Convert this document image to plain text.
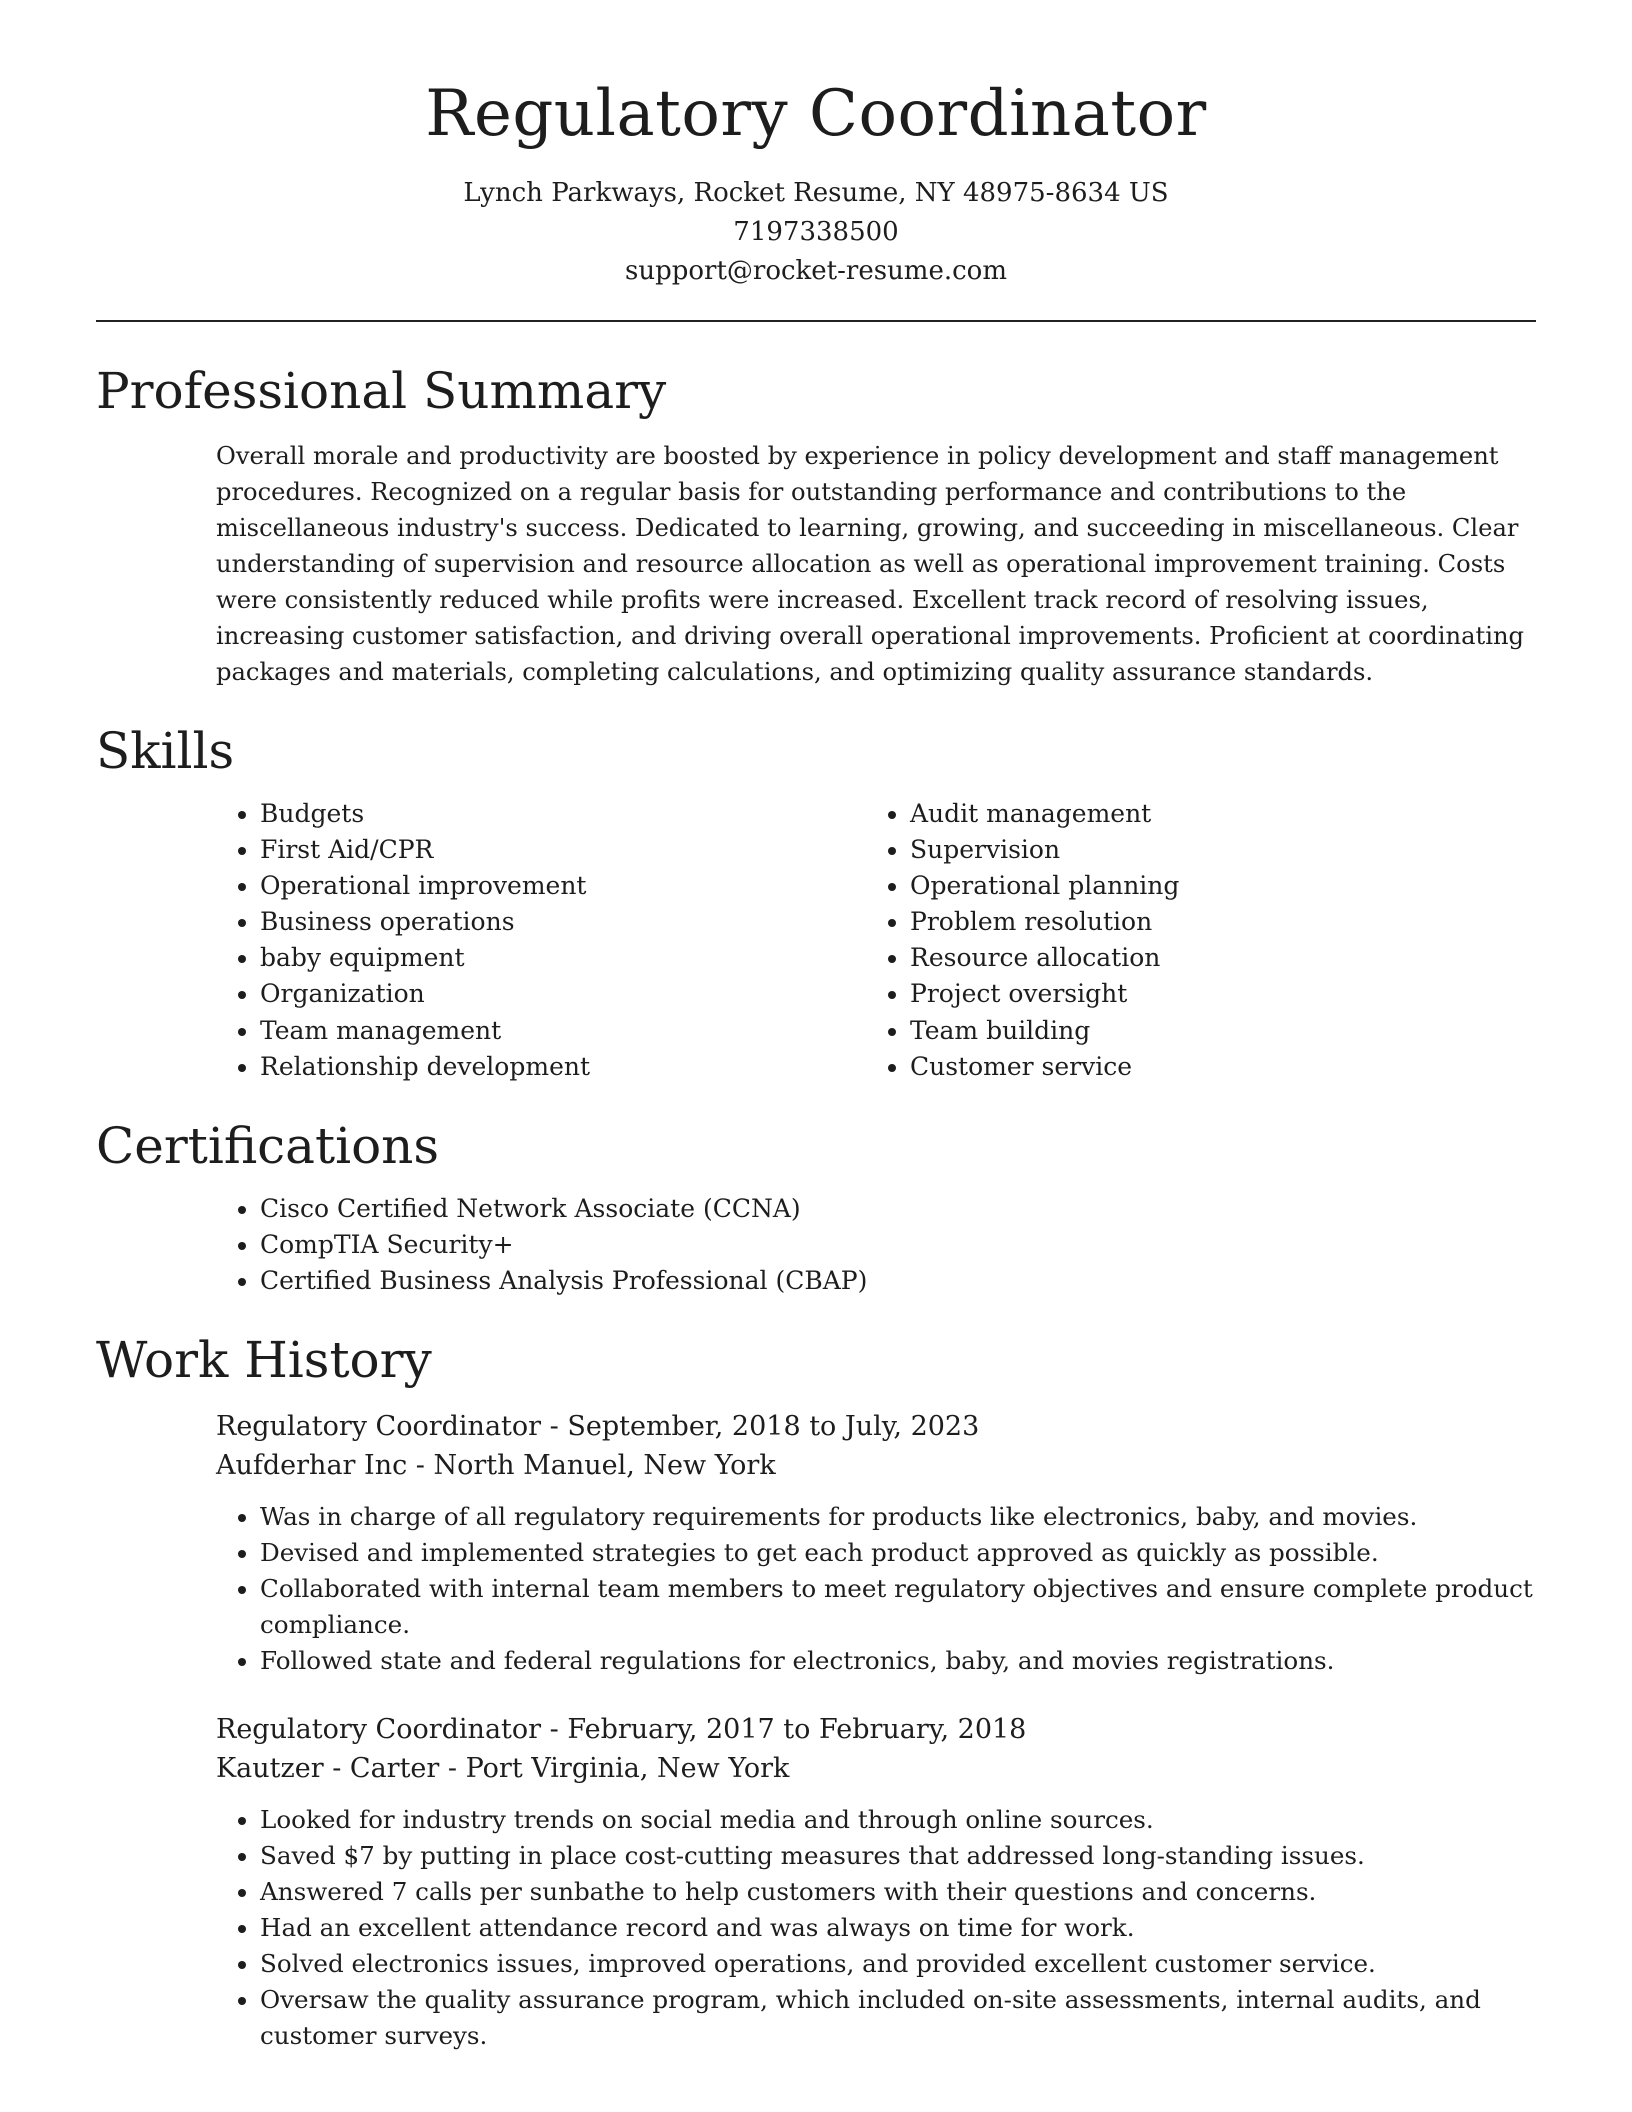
Regulatory Coordinator
Lynch Parkways, Rocket Resume, NY 48975-8634 US
7197338500
support@rocket-resume.com
Professional Summary

Overall morale and productivity are boosted by experience in policy development and staff management procedures. Recognized on a regular basis for outstanding performance and contributions to the miscellaneous industry's success. Dedicated to learning, growing, and succeeding in miscellaneous. Clear understanding of supervision and resource allocation as well as operational improvement training. Costs were consistently reduced while profits were increased. Excellent track record of resolving issues, increasing customer satisfaction, and driving overall operational improvements. Proficient at coordinating packages and materials, completing calculations, and optimizing quality assurance standards.

Skills
• Budgets
• First Aid/CPR
• Operational improvement
• Business operations
• baby equipment
• Organization
• Team management
• Relationship development
• Audit management
• Supervision
• Operational planning
• Problem resolution
• Resource allocation
• Project oversight
• Team building
• Customer service
Certifications
• Cisco Certified Network Associate (CCNA)
• CompTIA Security+
• Certified Business Analysis Professional (CBAP)
Work History
Regulatory Coordinator - September, 2018 to July, 2023
Aufderhar Inc - North Manuel, New York
• Was in charge of all regulatory requirements for products like electronics, baby, and movies.
• Devised and implemented strategies to get each product approved as quickly as possible.
• Collaborated with internal team members to meet regulatory objectives and ensure complete product compliance.
• Followed state and federal regulations for electronics, baby, and movies registrations.
Regulatory Coordinator - February, 2017 to February, 2018
Kautzer - Carter - Port Virginia, New York
• Looked for industry trends on social media and through online sources.
• Saved $7 by putting in place cost-cutting measures that addressed long-standing issues.
• Answered 7 calls per sunbathe to help customers with their questions and concerns.
• Had an excellent attendance record and was always on time for work.
• Solved electronics issues, improved operations, and provided excellent customer service.
• Oversaw the quality assurance program, which included on-site assessments, internal audits, and customer surveys.
